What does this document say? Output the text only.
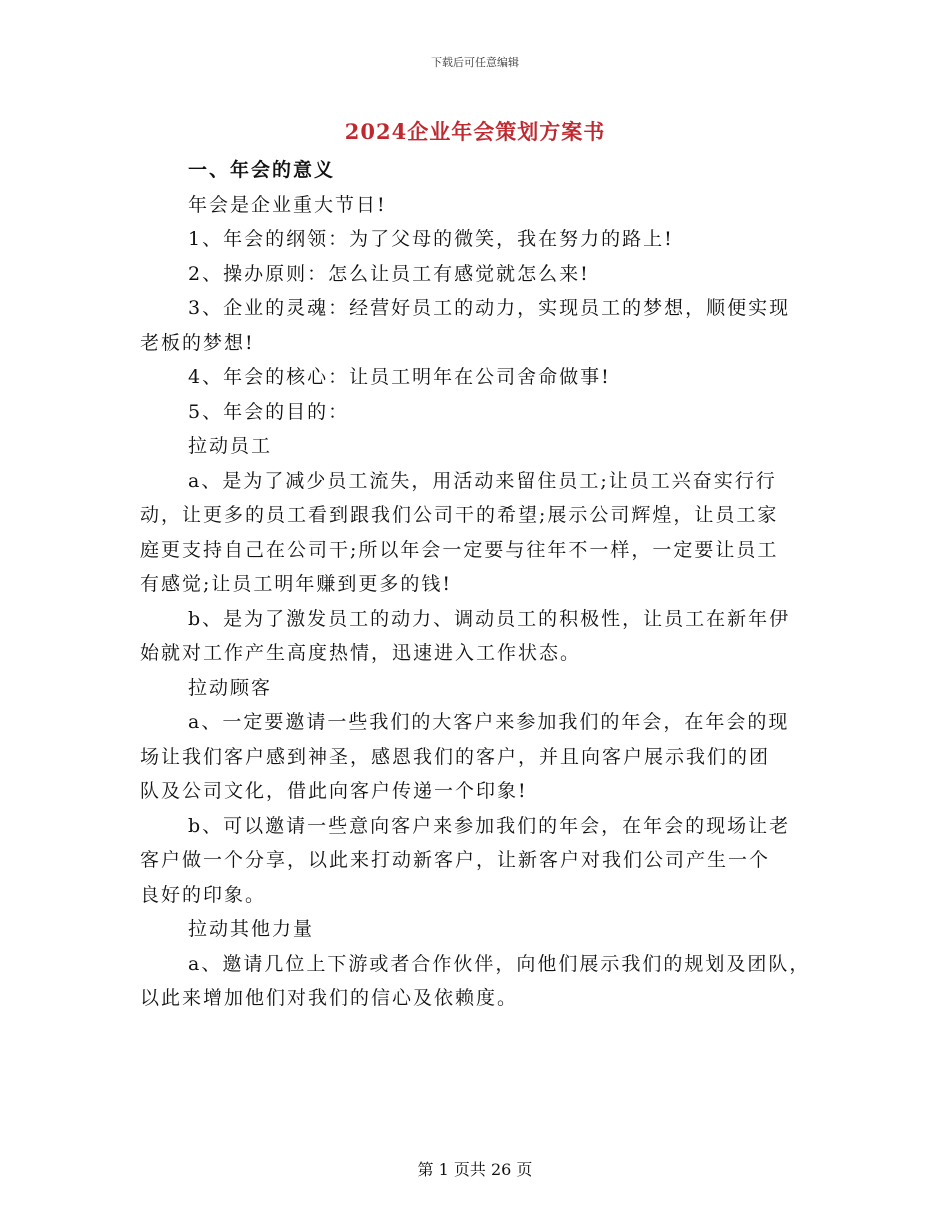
下载后可任意编辑
2024企业年会策划方案书
一、年会的意义
年会是企业重大节日!
1、年会的纲领：为了父母的微笑，我在努力的路上!
2、操办原则：怎么让员工有感觉就怎么来!
3、企业的灵魂：经营好员工的动力，实现员工的梦想，顺便实现
老板的梦想!
4、年会的核心：让员工明年在公司舍命做事!
5、年会的目的：
拉动员工
a、是为了减少员工流失，用活动来留住员工;让员工兴奋实行行
动，让更多的员工看到跟我们公司干的希望;展示公司辉煌，让员工家
庭更支持自己在公司干;所以年会一定要与往年不一样，一定要让员工
有感觉;让员工明年赚到更多的钱!
b、是为了激发员工的动力、调动员工的积极性，让员工在新年伊
始就对工作产生高度热情，迅速进入工作状态。
拉动顾客
a、一定要邀请一些我们的大客户来参加我们的年会，在年会的现
场让我们客户感到神圣，感恩我们的客户，并且向客户展示我们的团
队及公司文化，借此向客户传递一个印象!
b、可以邀请一些意向客户来参加我们的年会，在年会的现场让老
客户做一个分享，以此来打动新客户，让新客户对我们公司产生一个
良好的印象。
拉动其他力量
a、邀请几位上下游或者合作伙伴，向他们展示我们的规划及团队，
以此来增加他们对我们的信心及依赖度。
第 1 页共 26 页
